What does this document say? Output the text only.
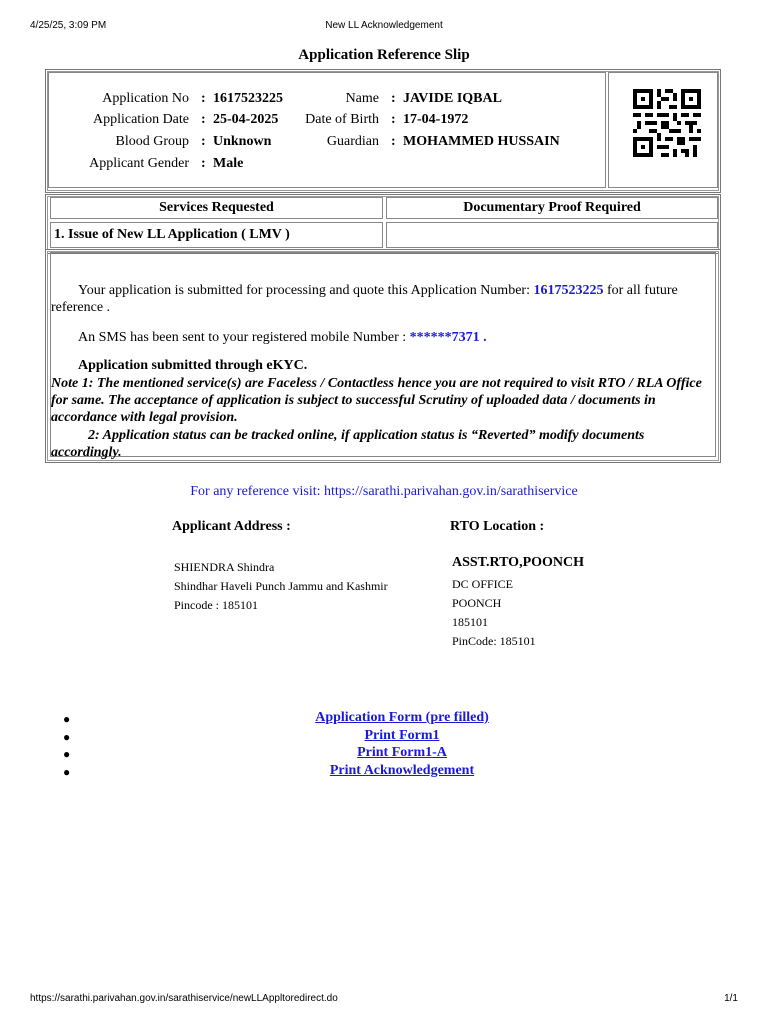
4/25/25, 3:09 PM	New LL Acknowledgement
Application Reference Slip
Application No : 1617523225	Name : JAVIDE IQBAL
Application Date : 25-04-2025	Date of Birth : 17-04-1972
Blood Group : Unknown	Guardian : MOHAMMED HUSSAIN
Applicant Gender : Male
Services Requested	Documentary Proof Required
1. Issue of New LL Application ( LMV )
Your application is submitted for processing and quote this Application Number: 1617523225 for all future reference .
An SMS has been sent to your registered mobile Number : ******7371 .
Application submitted through eKYC.
Note 1: The mentioned service(s) are Faceless / Contactless hence you are not required to visit RTO / RLA Office for same. The acceptance of application is subject to successful Scrutiny of uploaded data / documents in accordance with legal provision.
2: Application status can be tracked online, if application status is “Reverted” modify documents accordingly.
For any reference visit: https://sarathi.parivahan.gov.in/sarathiservice
Applicant Address :	RTO Location :
SHIENDRA Shindra
Shindhar Haveli Punch Jammu and Kashmir
Pincode : 185101
ASST.RTO,POONCH
DC OFFICE
POONCH
185101
PinCode: 185101
●	Application Form (pre filled)
●	Print Form1
●	Print Form1-A
●	Print Acknowledgement
https://sarathi.parivahan.gov.in/sarathiservice/newLLAppltoredirect.do	1/1
